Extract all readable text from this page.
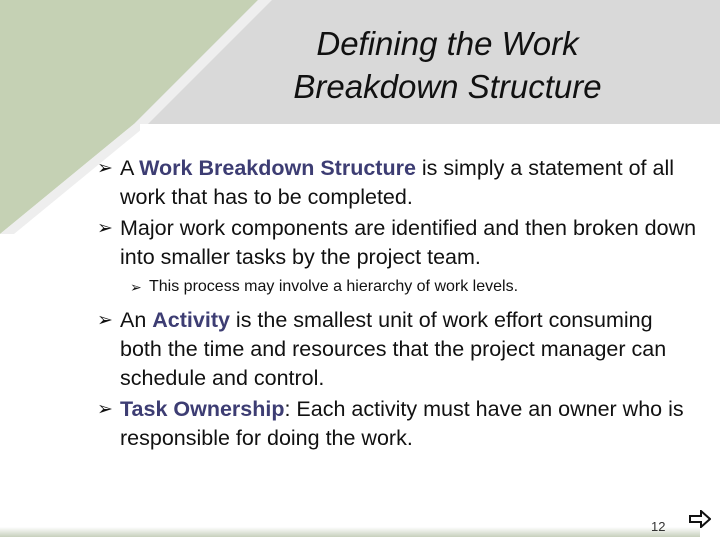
Defining the Work
Breakdown Structure

➢ A Work Breakdown Structure is simply a statement of all work that has to be completed.

➢ Major work components are identified and then broken down into smaller tasks by the project team.

➢ This process may involve a hierarchy of work levels.

➢ An Activity is the smallest unit of work effort consuming both the time and resources that the project manager can schedule and control.

➢ Task Ownership: Each activity must have an owner who is responsible for doing the work.

12
